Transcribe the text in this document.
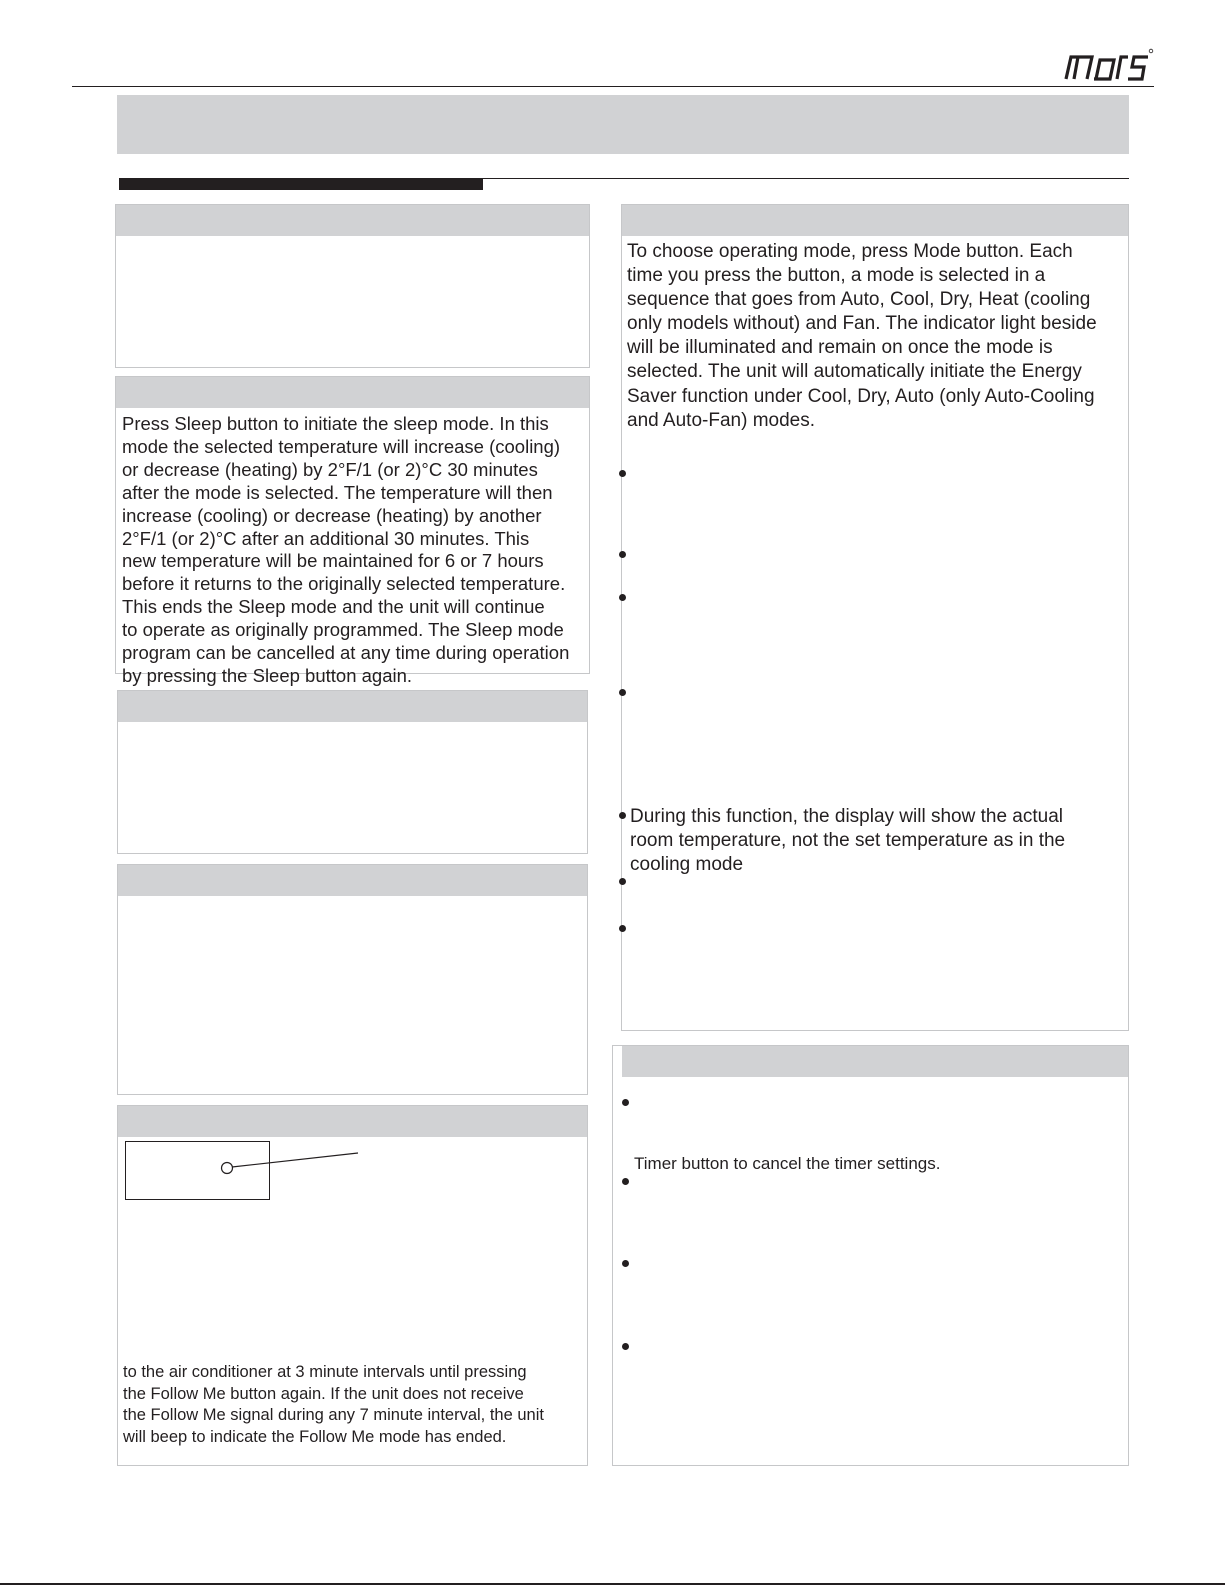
mars

Press Sleep button to initiate the sleep mode. In this
mode the selected temperature will increase (cooling)
or decrease (heating) by 2°F/1 (or 2)°C 30 minutes
after the mode is selected. The temperature will then
increase (cooling) or decrease (heating) by another
2°F/1 (or 2)°C after an additional 30 minutes. This
new temperature will be maintained for 6 or 7 hours
before it returns to the originally selected temperature.
This ends the Sleep mode and the unit will continue
to operate as originally programmed. The Sleep mode
program can be cancelled at any time during operation
by pressing the Sleep button again.

to the air conditioner at 3 minute intervals until pressing
the Follow Me button again. If the unit does not receive
the Follow Me signal during any 7 minute interval, the unit
will beep to indicate the Follow Me mode has ended.

To choose operating mode, press Mode button. Each
time you press the button, a mode is selected in a
sequence that goes from Auto, Cool, Dry, Heat (cooling
only models without) and Fan. The indicator light beside
will be illuminated and remain on once the mode is
selected. The unit will automatically initiate the Energy
Saver function under Cool, Dry, Auto (only Auto-Cooling
and Auto-Fan) modes.

During this function, the display will show the actual
room temperature, not the set temperature as in the
cooling mode

Timer button to cancel the timer settings.
